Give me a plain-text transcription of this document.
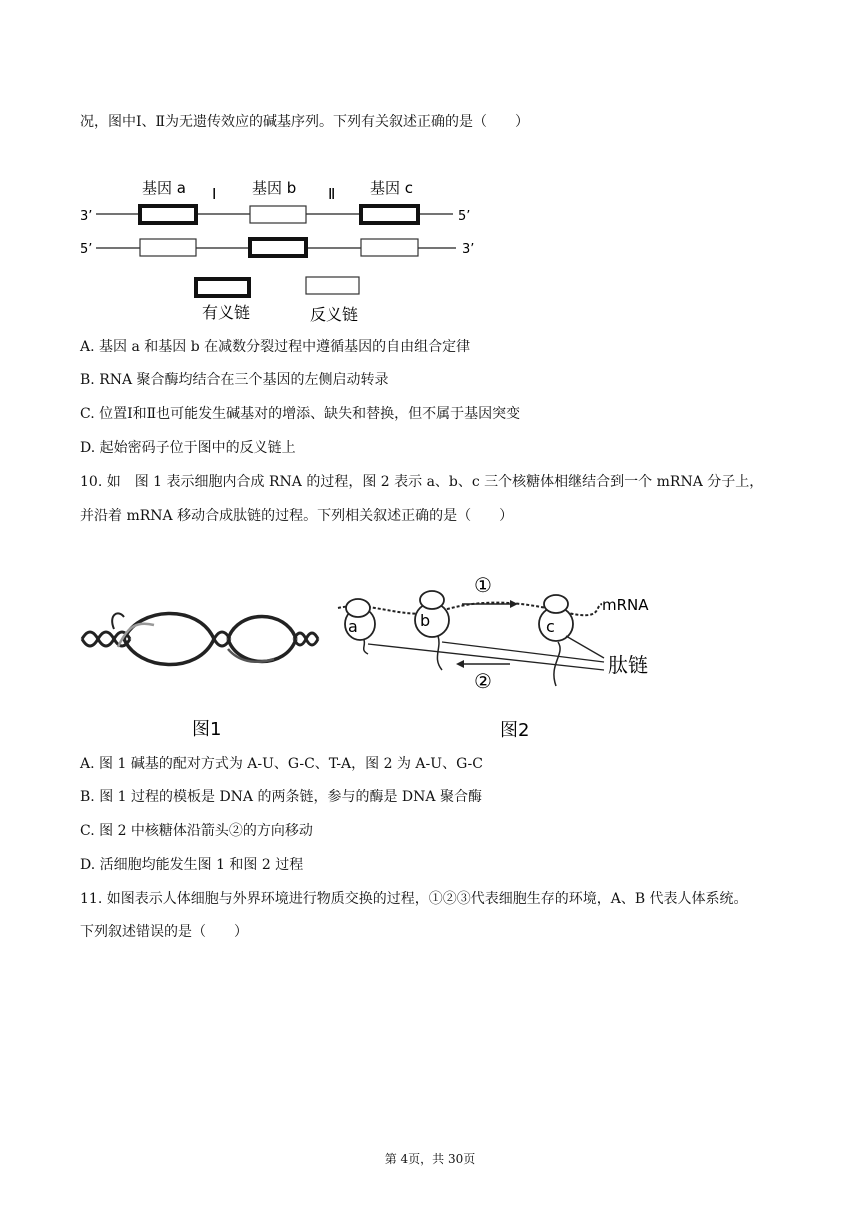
况，图中Ⅰ、Ⅱ为无遗传效应的碱基序列。下列有关叙述正确的是（　　）
基因 a Ⅰ 基因 b Ⅱ 基因 c
3’	5’
5’	3’
有义链	反义链
A. 基因 a 和基因 b 在减数分裂过程中遵循基因的自由组合定律
B. RNA 聚合酶均结合在三个基因的左侧启动转录
C. 位置Ⅰ和Ⅱ也可能发生碱基对的增添、缺失和替换，但不属于基因突变
D. 起始密码子位于图中的反义链上
10. 如　图 1 表示细胞内合成 RNA 的过程，图 2 表示 a、b、c 三个核糖体相继结合到一个 mRNA 分子上，
并沿着 mRNA 移动合成肽链的过程。下列相关叙述正确的是（　　）
图1
①
mRNA
a	b	c
肽链
②
图2
A. 图 1 碱基的配对方式为 A-U、G-C、T-A，图 2 为 A-U、G-C
B. 图 1 过程的模板是 DNA 的两条链，参与的酶是 DNA 聚合酶
C. 图 2 中核糖体沿箭头②的方向移动
D. 活细胞均能发生图 1 和图 2 过程
11. 如图表示人体细胞与外界环境进行物质交换的过程，①②③代表细胞生存的环境，A、B 代表人体系统。
下列叙述错误的是（　　）
第 4页，共 30页
